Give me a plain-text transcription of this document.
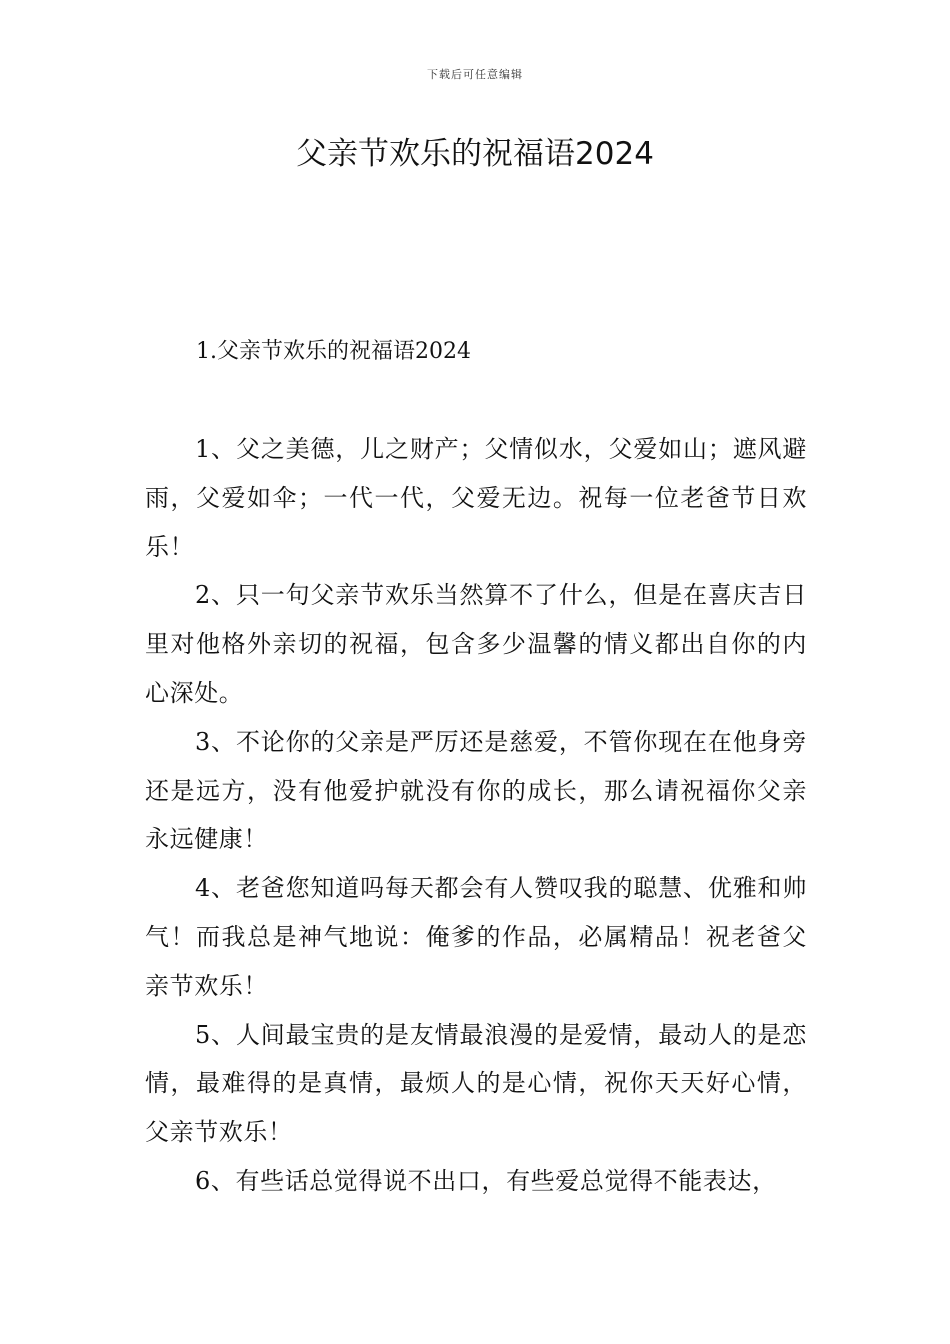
下载后可任意编辑
父亲节欢乐的祝福语2024
1.父亲节欢乐的祝福语2024

1、父之美德，儿之财产；父情似水，父爱如山；遮风避雨，父爱如伞；一代一代，父爱无边。祝每一位老爸节日欢乐！

2、只一句父亲节欢乐当然算不了什么，但是在喜庆吉日里对他格外亲切的祝福，包含多少温馨的情义都出自你的内心深处。

3、不论你的父亲是严厉还是慈爱，不管你现在在他身旁还是远方，没有他爱护就没有你的成长，那么请祝福你父亲永远健康！

4、老爸您知道吗每天都会有人赞叹我的聪慧、优雅和帅气！而我总是神气地说：俺爹的作品，必属精品！祝老爸父亲节欢乐！

5、人间最宝贵的是友情最浪漫的是爱情，最动人的是恋情，最难得的是真情，最烦人的是心情，祝你天天好心情，父亲节欢乐！

6、有些话总觉得说不出口，有些爱总觉得不能表达，
